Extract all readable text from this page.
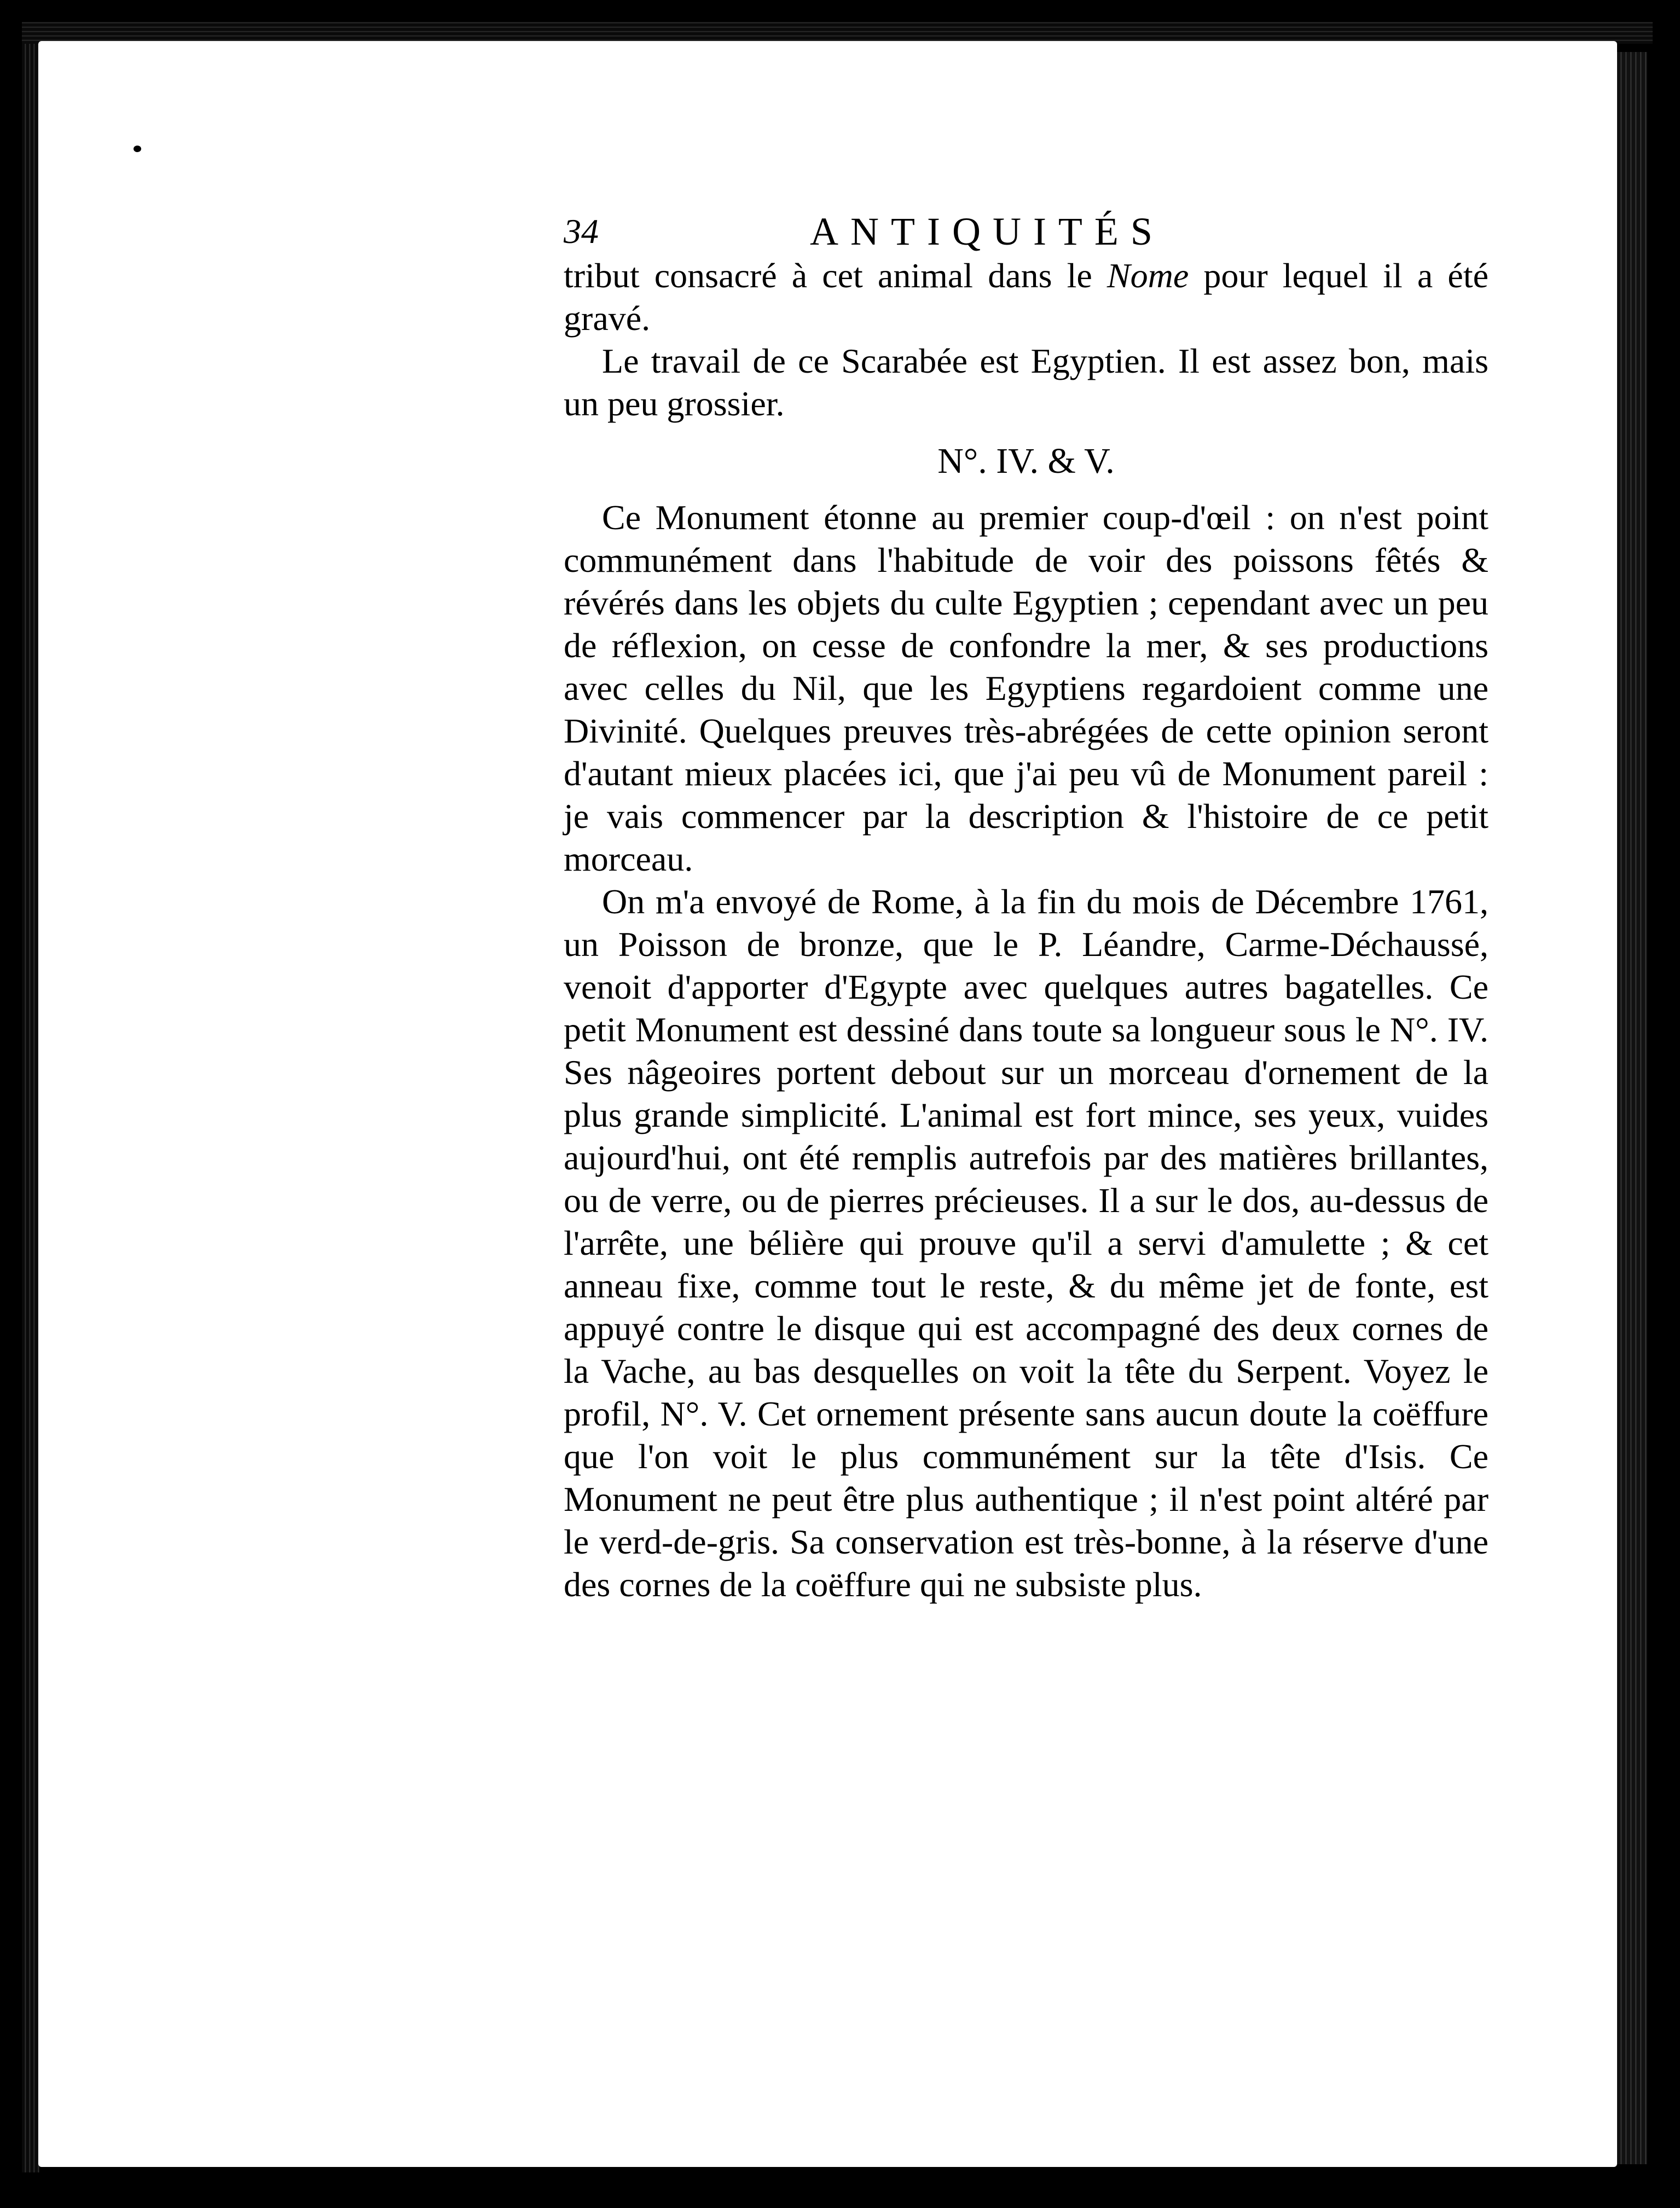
34	ANTIQUITÉS

tribut consacré à cet animal dans le Nome pour lequel il a été gravé.

Le travail de ce Scarabée est Egyptien. Il est assez bon, mais un peu grossier.

N°. IV. & V.

Ce Monument étonne au premier coup-d'œil : on n'est point communément dans l'habitude de voir des poissons fêtés & révérés dans les objets du culte Egyptien ; cependant avec un peu de réflexion, on cesse de confondre la mer, & ses productions avec celles du Nil, que les Egyptiens regardoient comme une Divinité. Quelques preuves très-abrégées de cette opinion seront d'autant mieux placées ici, que j'ai peu vû de Monument pareil : je vais commencer par la description & l'histoire de ce petit morceau.

On m'a envoyé de Rome, à la fin du mois de Décembre 1761, un Poisson de bronze, que le P. Léandre, Carme-Déchaussé, venoit d'apporter d'Egypte avec quelques autres bagatelles. Ce petit Monument est dessiné dans toute sa longueur sous le N°. IV. Ses nâgeoires portent debout sur un morceau d'ornement de la plus grande simplicité. L'animal est fort mince, ses yeux, vuides aujourd'hui, ont été remplis autrefois par des matières brillantes, ou de verre, ou de pierres précieuses. Il a sur le dos, au-dessus de l'arrête, une bélière qui prouve qu'il a servi d'amulette ; & cet anneau fixe, comme tout le reste, & du même jet de fonte, est appuyé contre le disque qui est accompagné des deux cornes de la Vache, au bas desquelles on voit la tête du Serpent. Voyez le profil, N°. V. Cet ornement présente sans aucun doute la coëffure que l'on voit le plus communément sur la tête d'Isis. Ce Monument ne peut être plus authentique ; il n'est point altéré par le verd-de-gris. Sa conservation est très-bonne, à la réserve d'une des cornes de la coëffure qui ne subsiste plus.
